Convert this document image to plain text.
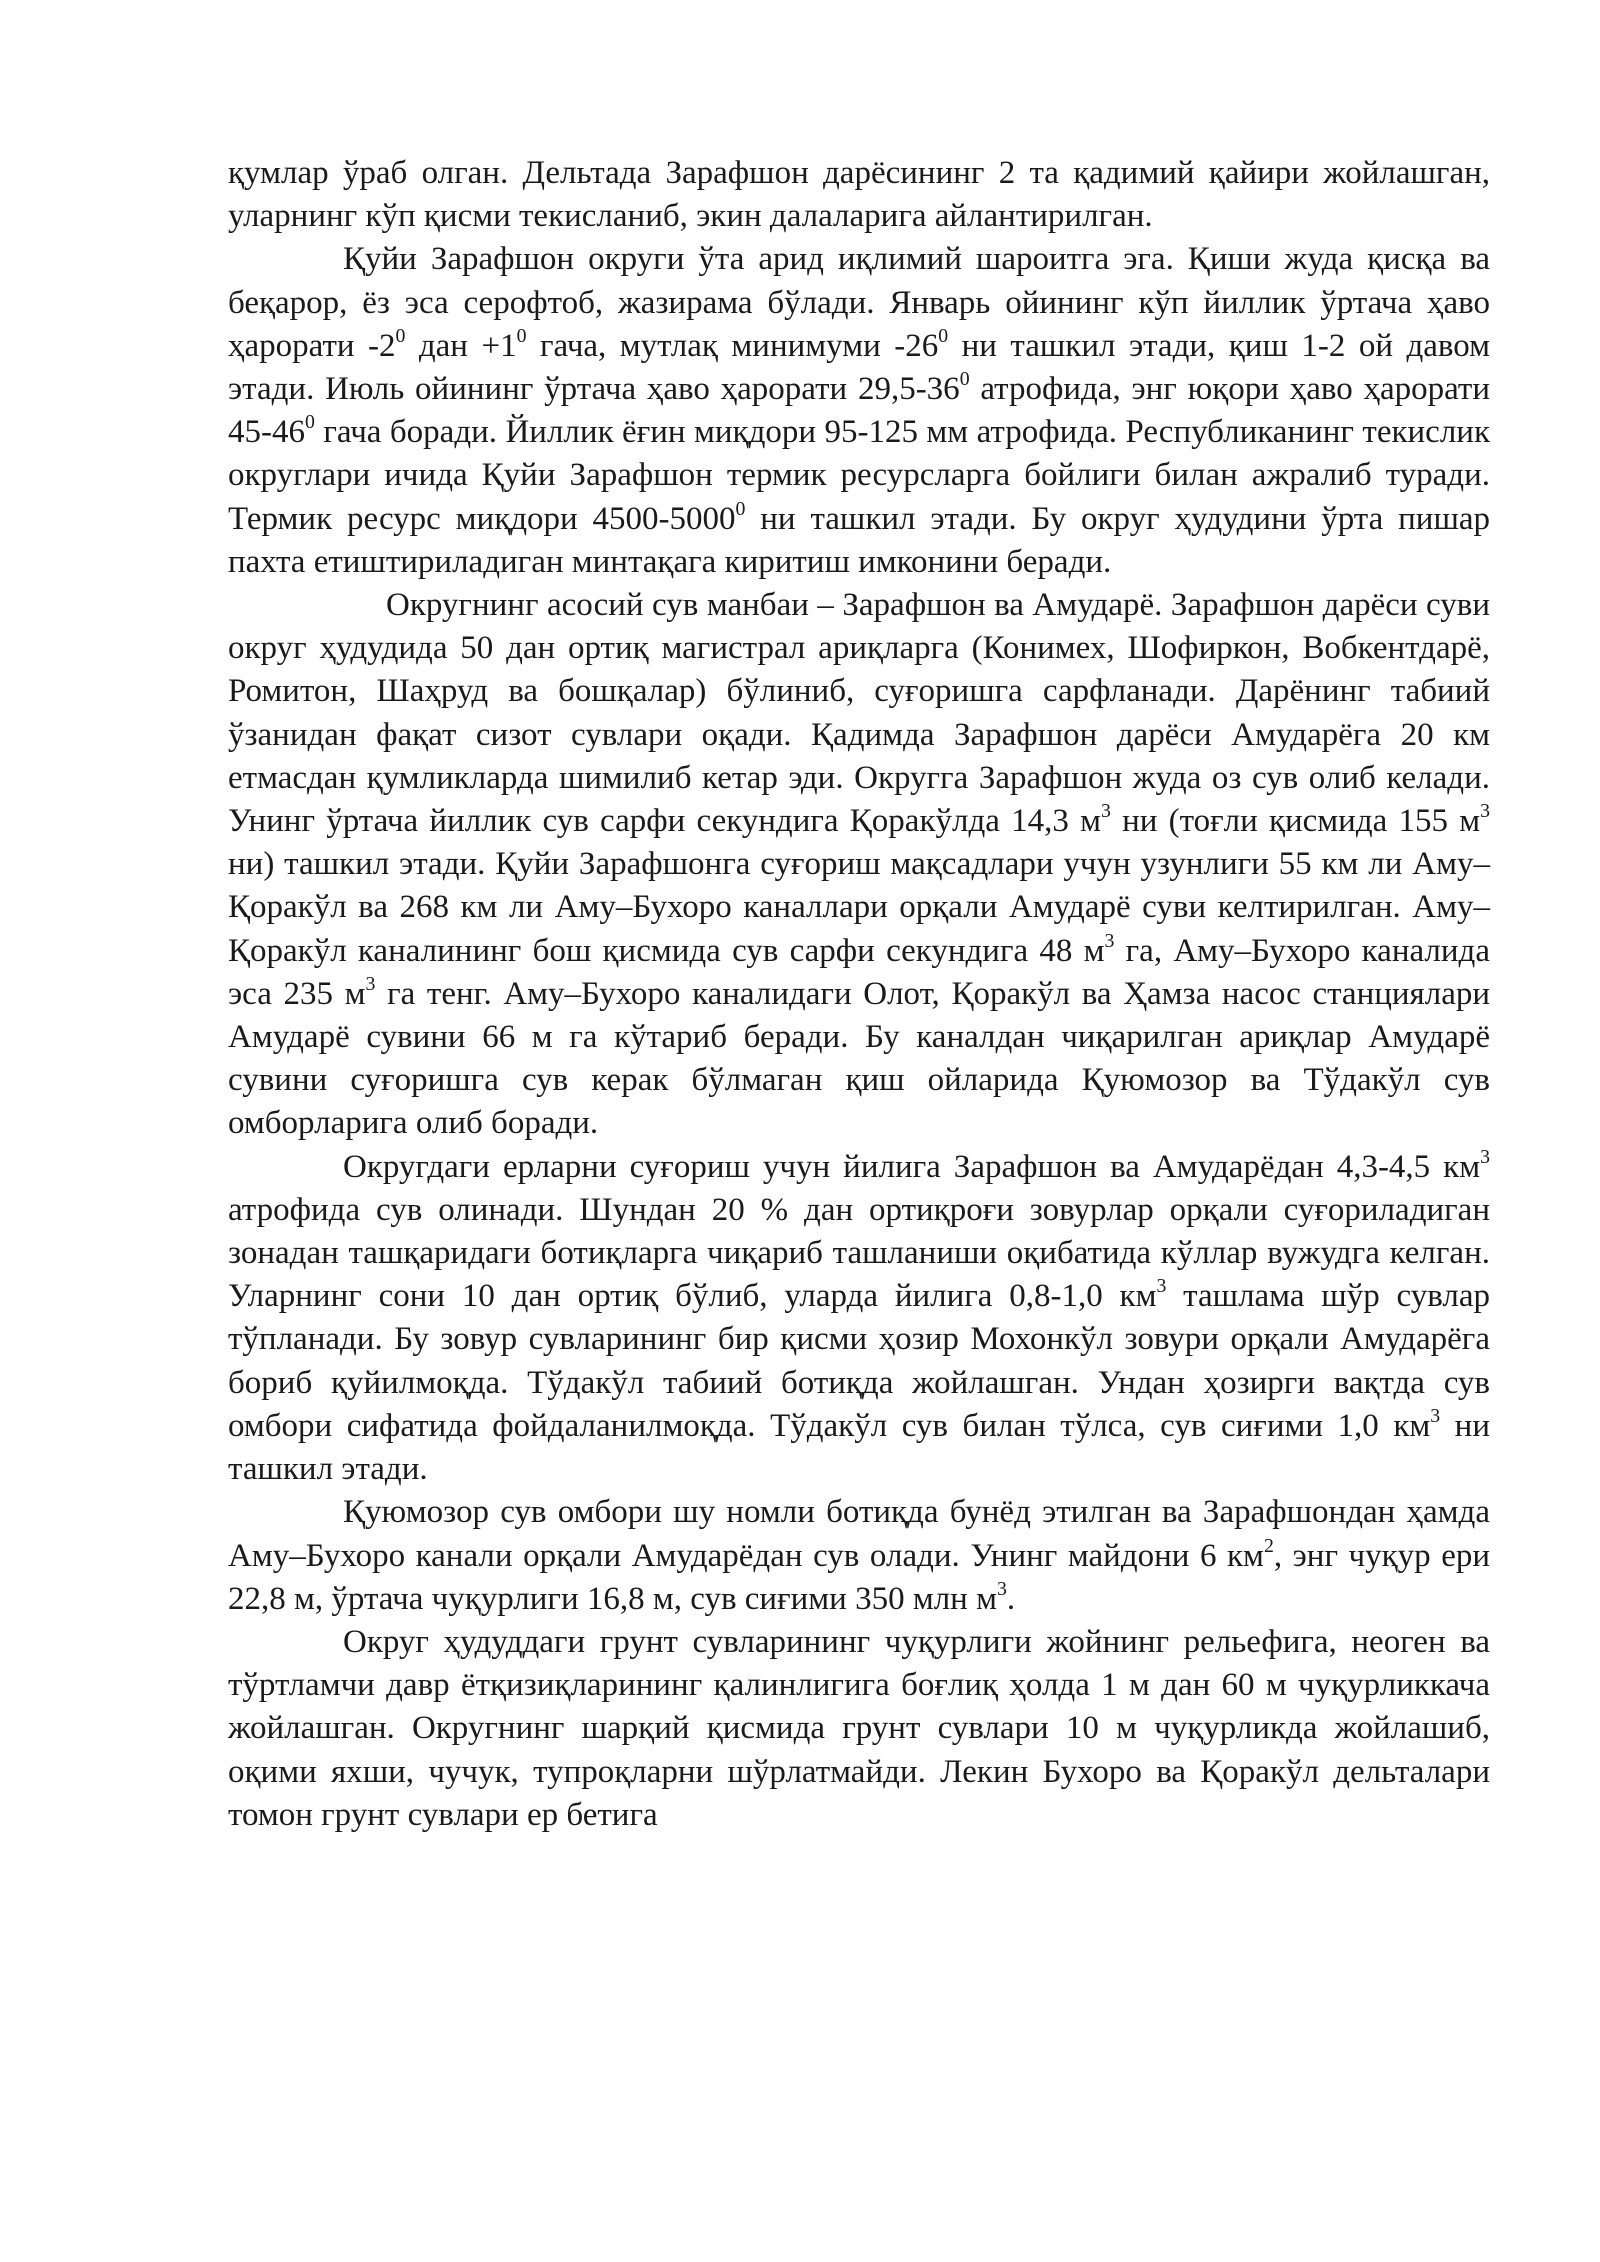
қумлар ўраб олган. Дельтада Зарафшон дарёсининг 2 та қадимий қайири жойлашган, уларнинг кўп қисми текисланиб, экин далаларига айлантирилган.

Қуйи Зарафшон округи ўта арид иқлимий шароитга эга. Қиши жуда қисқа ва беқарор, ёз эса серофтоб, жазирама бўлади. Январь ойининг кўп йиллик ўртача ҳаво ҳарорати $-2^0$ дан $+1^0$ гача, мутлақ минимуми $-26^0$ ни ташкил этади, қиш 1-2 ой давом этади. Июль ойининг ўртача ҳаво ҳарорати $29,5-36^0$ атрофида, энг юқори ҳаво ҳарорати $45-46^0$ гача боради. Йиллик ёғин миқдори 95-125 мм атрофида. Республиканинг текислик округлари ичида Қуйи Зарафшон термик ресурсларга бойлиги билан ажралиб туради. Термик ресурс миқдори 4500-5000$^0$ ни ташкил этади. Бу округ ҳудудини ўрта пишар пахта етиштириладиган минтақага киритиш имконини беради.

Округнинг асосий сув манбаи – Зарафшон ва Амударё. Зарафшон дарёси суви округ ҳудудида 50 дан ортиқ магистрал ариқларга (Конимех, Шофиркон, Вобкентдарё, Ромитон, Шаҳруд ва бошқалар) бўлиниб, суғоришга сарфланади. Дарёнинг табиий ўзанидан фақат сизот сувлари оқади. Қадимда Зарафшон дарёси Амударёга 20 км етмасдан қумликларда шимилиб кетар эди. Округга Зарафшон жуда оз сув олиб келади. Унинг ўртача йиллик сув сарфи секундига Қоракўлда 14,3 $м^3$ ни (тоғли қисмида 155 $м^3$ ни) ташкил этади. Қуйи Зарафшонга суғориш мақсадлари учун узунлиги 55 км ли Аму–Қоракўл ва 268 км ли Аму–Бухоро каналлари орқали Амударё суви келтирилган. Аму–Қоракўл каналининг бош қисмида сув сарфи секундига 48 $м^3$ га, Аму–Бухоро каналида эса 235 $м^3$ га тенг. Аму–Бухоро каналидаги Олот, Қоракўл ва Ҳамза насос станциялари Амударё сувини 66 м га кўтариб беради. Бу каналдан чиқарилган ариқлар Амударё сувини суғоришга сув керак бўлмаган қиш ойларида Қуюмозор ва Тўдакўл сув омборларига олиб боради.

Округдаги ерларни суғориш учун йилига Зарафшон ва Амударёдан 4,3-4,5 $км^3$ атрофида сув олинади. Шундан 20 % дан ортиқроғи зовурлар орқали суғориладиган зонадан ташқаридаги ботиқларга чиқариб ташланиши оқибатида кўллар вужудга келган. Уларнинг сони 10 дан ортиқ бўлиб, уларда йилига 0,8-1,0 $км^3$ ташлама шўр сувлар тўпланади. Бу зовур сувларининг бир қисми ҳозир Мохонкўл зовури орқали Амударёга бориб қуйилмоқда. Тўдакўл табиий ботиқда жойлашган. Ундан ҳозирги вақтда сув омбори сифатида фойдаланилмоқда. Тўдакўл сув билан тўлса, сув сиғими 1,0 $км^3$ ни ташкил этади.

Қуюмозор сув омбори шу номли ботиқда бунёд этилган ва Зарафшондан ҳамда Аму–Бухоро канали орқали Амударёдан сув олади. Унинг майдони 6 $км^2$, энг чуқур ери 22,8 м, ўртача чуқурлиги 16,8 м, сув сиғими 350 млн $м^3$.

Округ ҳудуддаги грунт сувларининг чуқурлиги жойнинг рельефига, неоген ва тўртламчи давр ётқизиқларининг қалинлигига боғлиқ ҳолда 1 м дан 60 м чуқурликкача жойлашган. Округнинг шарқий қисмида грунт сувлари 10 м чуқурликда жойлашиб, оқими яхши, чучук, тупроқларни шўрлатмайди. Лекин Бухоро ва Қоракўл дельталари томон грунт сувлари ер бетига
